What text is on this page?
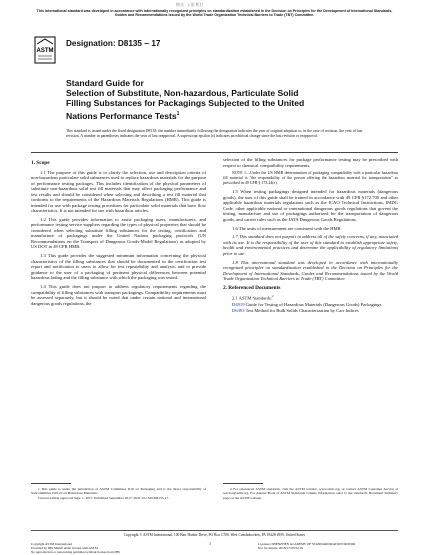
购买 : 1 张 机打
This international standard was developed in accordance with internationally recognized principles on standardization established in the Decision on Principles for the Development of International Standards, Guides and Recommendations issued by the World Trade Organization Technical Barriers to Trade (TBT) Committee.
ASTM
Designation: D8135 − 17
Standard Guide for
Selection of Substitute, Non-hazardous, Particulate Solid
Filling Substances for Packagings Subjected to the United
Nations Performance Tests$^1$
This standard is issued under the fixed designation D8135; the number immediately following the designation indicates the year of original adoption or, in the case of revision, the year of last revision. A number in parentheses indicates the year of last reapproval. A superscript epsilon (ε) indicates an editorial change since the last revision or reapproval.
1. Scope

1.1 The purpose of this guide is to clarify the selection, use and description criteria of non-hazardous particulate solid substances used to replace hazardous materials for the purpose of performance testing packages. This includes identification of the physical parameters of substitute non-hazardous solid test fill materials that may affect packaging performance and test results and should be considered when selecting and describing a test fill material that conforms to the requirements of the Hazardous Materials Regulations (HMR). This guide is intended for use with package testing procedures for particulate solid materials that have flow characteristics. It is not intended for use with hazardous articles.

1.2 This guide provides information to assist packaging users, manufacturers, and performance testing service suppliers regarding the types of physical properties that should be considered when selecting substitute filling substances for the testing, certification and manufacture of packagings under the United Nations packaging protocols (UN Recommendations on the Transport of Dangerous Goods-Model Regulations) as adopted by US DOT in 49 CFR HMR.

1.3 This guide provides the suggested minimum information concerning the physical characteristics of the filling substances that should be documented in the certification test report and notification to users to allow for test repeatability and analysis, and to provide guidance to the user of a packaging of pertinent physical differences between potential hazardous lading and the filling substance with which the packaging was tested.

1.4 This guide does not purport to address regulatory requirements regarding the compatibility of filling substances with transport packagings. Compatibility requirements must be assessed separately, but it should be noted that under certain national and international dangerous goods regulations, the

selection of the filling substances for package performance testing may be prescribed with respect to chemical compatibility requirements.

NOTE 1—Under the US HMR determination of packaging compatibility with a particular hazardous fill material is "the responsibility of the person offering the hazardous material for transportation" as prescribed in 49 CFR § 173.24(e).

1.5 When testing packagings designed intended for hazardous materials (dangerous goods), the user of this guide shall be trained in accordance with 49 CFR §172.700 and other applicable hazardous materials regulations such as the ICAO Technical Instructions, IMDG Code, other applicable national or international dangerous goods regulations that govern the testing, manufacture and use of packagings authorized for the transportation of dangerous goods, and carrier rules such as the IATA Dangerous Goods Regulations.

1.6 The units of measurement are consistent with the HMR.

1.7 This standard does not purport to address all of the safety concerns, if any, associated with its use. It is the responsibility of the user of this standard to establish appropriate safety, health and environmental practices and determine the applicability of regulatory limitations prior to use.

1.8 This international standard was developed in accordance with internationally recognized principles on standardization established in the Decision on Principles for the Development of International Standards, Guides and Recommendations issued by the World Trade Organization Technical Barriers to Trade (TBT) Committee.

2. Referenced Documents

2.1 ASTM Standards:$^2$

D4919 Guide for Testing of Hazardous Materials (Dangerous Goods) Packagings

D6393 Test Method for Bulk Solids Characterization by Carr Indices

1 This guide is under the jurisdiction of ASTM Committee D10 on Packaging and is the direct responsibility of Subcommittee D10.22 on Hazardous Materials.

Current edition approved Sept. 1, 2017. Published September 2017. DOI: 10.1520/D8135-17.

2 For referenced ASTM standards, visit the ASTM website, www.astm.org, or contact ASTM Customer Service at service@astm.org. For Annual Book of ASTM Standards volume information, refer to the standard's Document Summary page on the ASTM website.

Copyright © ASTM International, 100 Barr Harbor Drive, PO Box C700, West Conshohocken, PA 19428-2959. United States
Copyright ASTM International
Provided by IHS Markit under license with ASTM
No reproduction or networking permitted without license from IHS
1	Licensee=SHENZHEN ACADEMY OF STANDARDIZATION MOTOR
Not for Resale, 2018/1/5 09:52:01
